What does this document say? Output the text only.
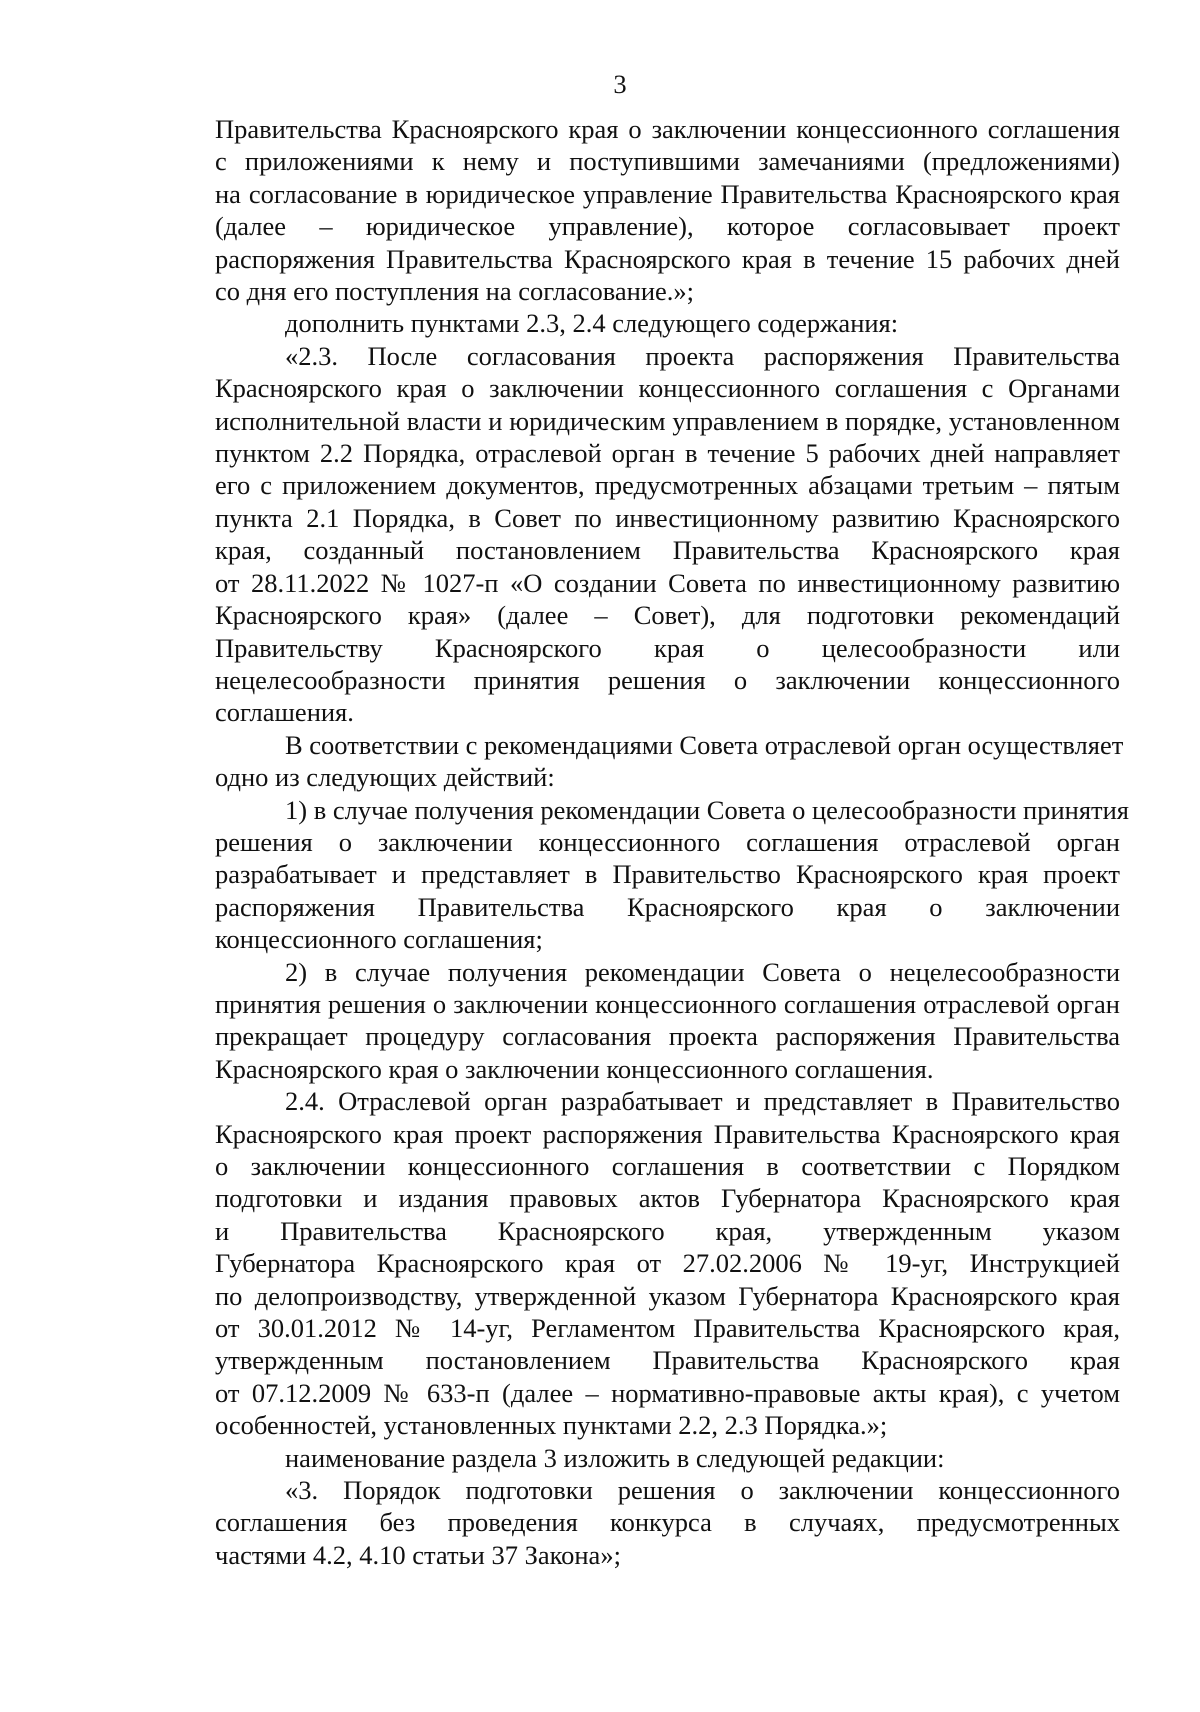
3
Правительства Красноярского края о заключении концессионного соглашения
с приложениями к нему и поступившими замечаниями (предложениями)
на согласование в юридическое управление Правительства Красноярского края
(далее – юридическое управление), которое согласовывает проект
распоряжения Правительства Красноярского края в течение 15 рабочих дней
со дня его поступления на согласование.»;
дополнить пунктами 2.3, 2.4 следующего содержания:
«2.3. После согласования проекта распоряжения Правительства
Красноярского края о заключении концессионного соглашения с Органами
исполнительной власти и юридическим управлением в порядке, установленном
пунктом 2.2 Порядка, отраслевой орган в течение 5 рабочих дней направляет
его с приложением документов, предусмотренных абзацами третьим – пятым
пункта 2.1 Порядка, в Совет по инвестиционному развитию Красноярского
края, созданный постановлением Правительства Красноярского края
от 28.11.2022 № 1027-п «О создании Совета по инвестиционному развитию
Красноярского края» (далее – Совет), для подготовки рекомендаций
Правительству Красноярского края о целесообразности или
нецелесообразности принятия решения о заключении концессионного
соглашения.
В соответствии с рекомендациями Совета отраслевой орган осуществляет
одно из следующих действий:
1) в случае получения рекомендации Совета о целесообразности принятия
решения о заключении концессионного соглашения отраслевой орган
разрабатывает и представляет в Правительство Красноярского края проект
распоряжения Правительства Красноярского края о заключении
концессионного соглашения;
2) в случае получения рекомендации Совета о нецелесообразности
принятия решения о заключении концессионного соглашения отраслевой орган
прекращает процедуру согласования проекта распоряжения Правительства
Красноярского края о заключении концессионного соглашения.
2.4. Отраслевой орган разрабатывает и представляет в Правительство
Красноярского края проект распоряжения Правительства Красноярского края
о заключении концессионного соглашения в соответствии с Порядком
подготовки и издания правовых актов Губернатора Красноярского края
и Правительства Красноярского края, утвержденным указом
Губернатора Красноярского края от 27.02.2006 № 19-уг, Инструкцией
по делопроизводству, утвержденной указом Губернатора Красноярского края
от 30.01.2012 № 14-уг, Регламентом Правительства Красноярского края,
утвержденным постановлением Правительства Красноярского края
от 07.12.2009 № 633-п (далее – нормативно-правовые акты края), с учетом
особенностей, установленных пунктами 2.2, 2.3 Порядка.»;
наименование раздела 3 изложить в следующей редакции:
«3. Порядок подготовки решения о заключении концессионного
соглашения без проведения конкурса в случаях, предусмотренных
частями 4.2, 4.10 статьи 37 Закона»;
